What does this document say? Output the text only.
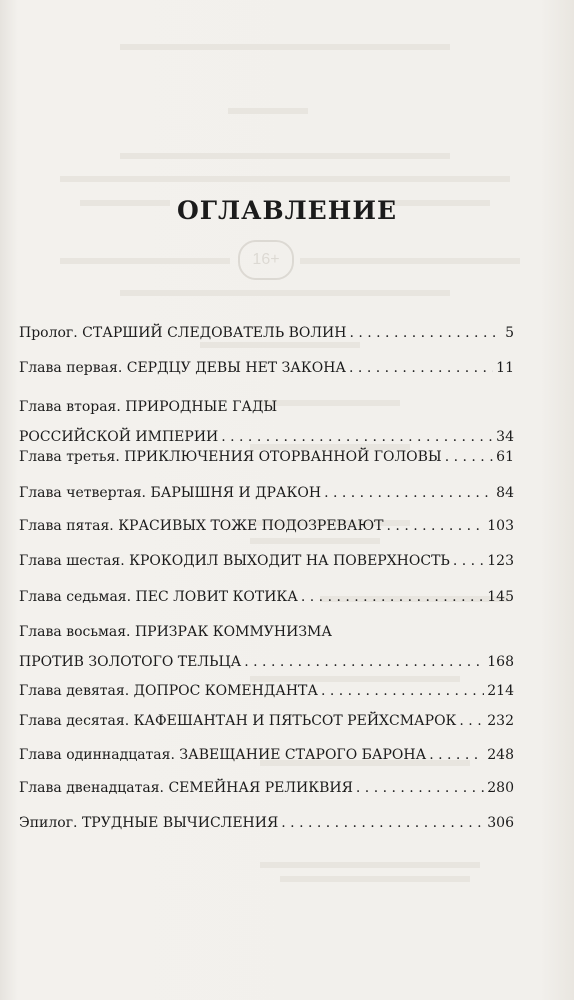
16+
ОГЛАВЛЕНИЕ
Пролог. СТАРШИЙ СЛЕДОВАТЕЛЬ ВОЛИН . . .	5
Глава первая. СЕРДЦУ ДЕВЫ НЕТ ЗАКОНА . . .	11
Глава вторая. ПРИРОДНЫЕ ГАДЫ
РОССИЙСКОЙ ИМПЕРИИ . . .	34
Глава третья. ПРИКЛЮЧЕНИЯ ОТОРВАННОЙ ГОЛОВЫ . . .	61
Глава четвертая. БАРЫШНЯ И ДРАКОН . . .	84
Глава пятая. КРАСИВЫХ ТОЖЕ ПОДОЗРЕВАЮТ . . .	103
Глава шестая. КРОКОДИЛ ВЫХОДИТ НА ПОВЕРХНОСТЬ . . .	123
Глава седьмая. ПЕС ЛОВИТ КОТИКА . . .	145
Глава восьмая. ПРИЗРАК КОММУНИЗМА
ПРОТИВ ЗОЛОТОГО ТЕЛЬЦА . . .	168
Глава девятая. ДОПРОС КОМЕНДАНТА . . .	214
Глава десятая. КАФЕШАНТАН И ПЯТЬСОТ РЕЙХСМАРОК . . . 232
Глава одиннадцатая. ЗАВЕЩАНИЕ СТАРОГО БАРОНА . . .	248
Глава двенадцатая. СЕМЕЙНАЯ РЕЛИКВИЯ . . .	280
Эпилог. ТРУДНЫЕ ВЫЧИСЛЕНИЯ . . .	306
